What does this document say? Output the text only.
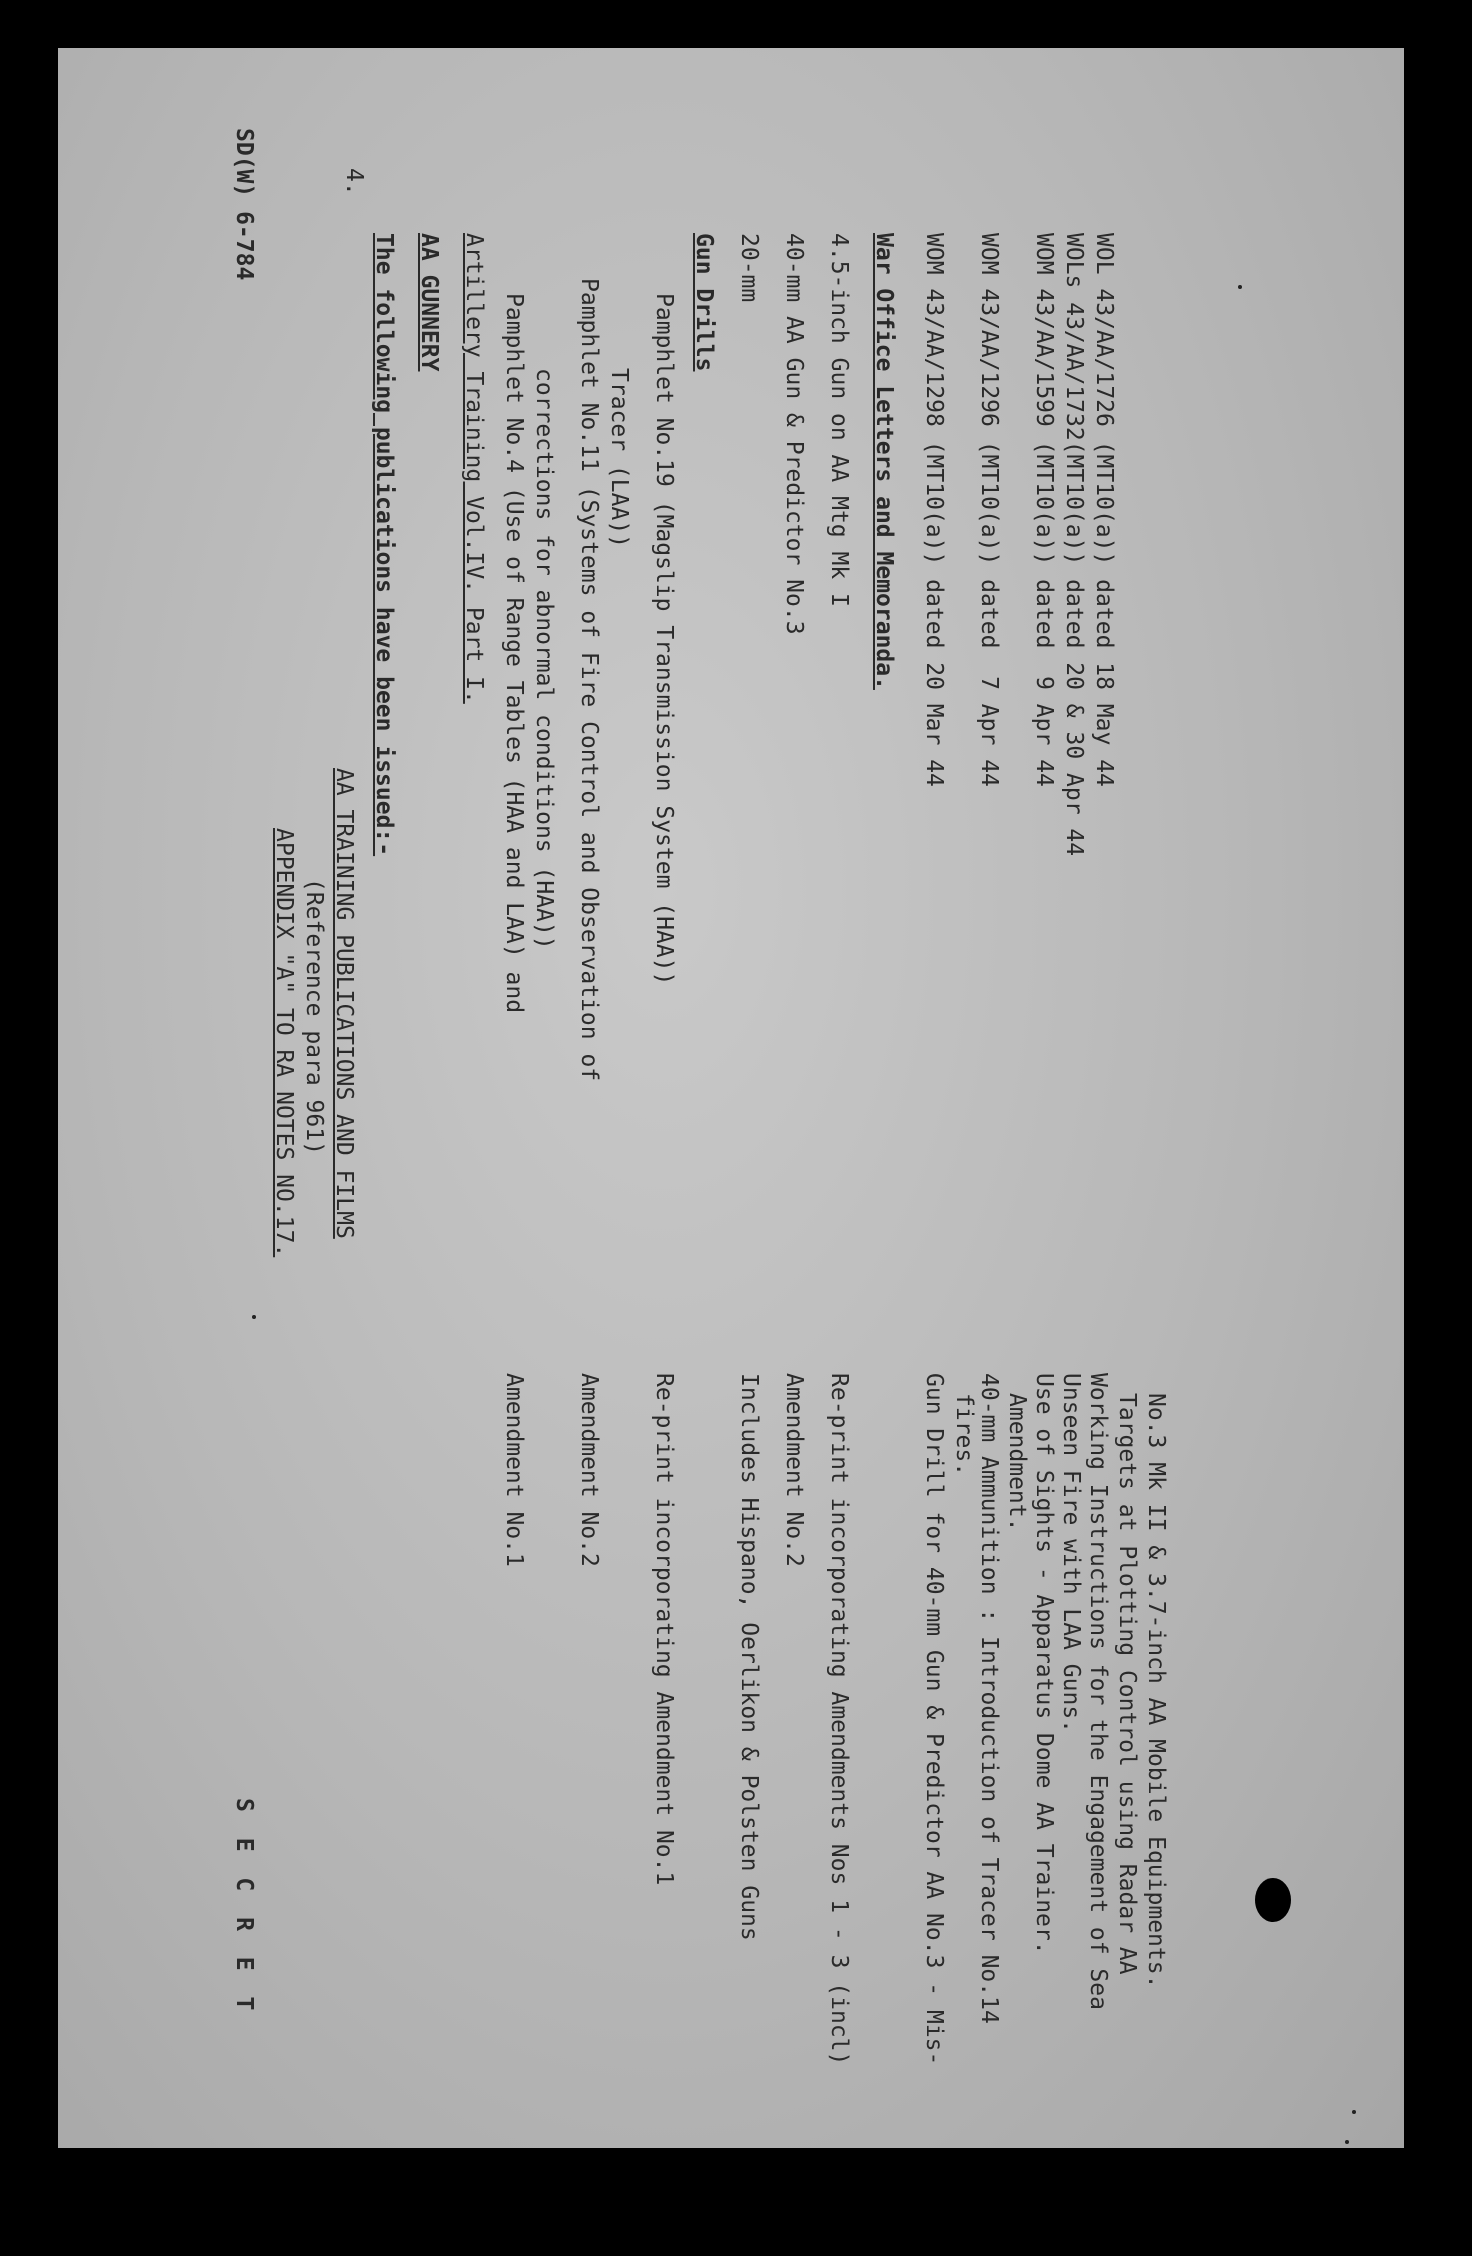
SD(W) 6-784
S E C R E T
APPENDIX "A" TO RA NOTES NO.17. (Reference para 961) AA TRAINING PUBLICATIONS AND FILMS
4.
The following publications have been issued:- AA GUNNERY Artillery Training Vol.IV. Part I. Pamphlet No.4 (Use of Range Tables (HAA and LAA) and corrections for abnormal conditions (HAA))
Amendment No.1
Pamphlet No.11 (Systems of Fire Control and Observation of Tracer (LAA))
Amendment No.2
Pamphlet No.19 (Magslip Transmission System (HAA))
Re-print incorporating Amendment No.1
Gun Drills 20-mm
Includes Hispano, Oerlikon & Polsten Guns
40-mm AA Gun & Predictor No.3
Amendment No.2
4.5-inch Gun on AA Mtg Mk I
Re-print incorporating Amendments Nos 1 - 3 (incl)
War Office Letters and Memoranda. WOM 43/AA/1298 (MT10(a)) dated 20 Mar 44
Gun Drill for 40-mm Gun & Predictor AA No.3 - Mis- fires.
WOM 43/AA/1296 (MT10(a)) dated  7 Apr 44
40-mm Ammunition : Introduction of Tracer No.14 Amendment.
WOM 43/AA/1599 (MT10(a)) dated  9 Apr 44
Use of Sights - Apparatus Dome AA Trainer.
WOLs 43/AA/1732(MT10(a)) dated 20 & 30 Apr 44
Unseen Fire with LAA Guns.
WOL 43/AA/1726 (MT10(a)) dated 18 May 44
Working Instructions for the Engagement of Sea Targets at Plotting Control using Radar AA No.3 Mk II & 3.7-inch AA Mobile Equipments.
